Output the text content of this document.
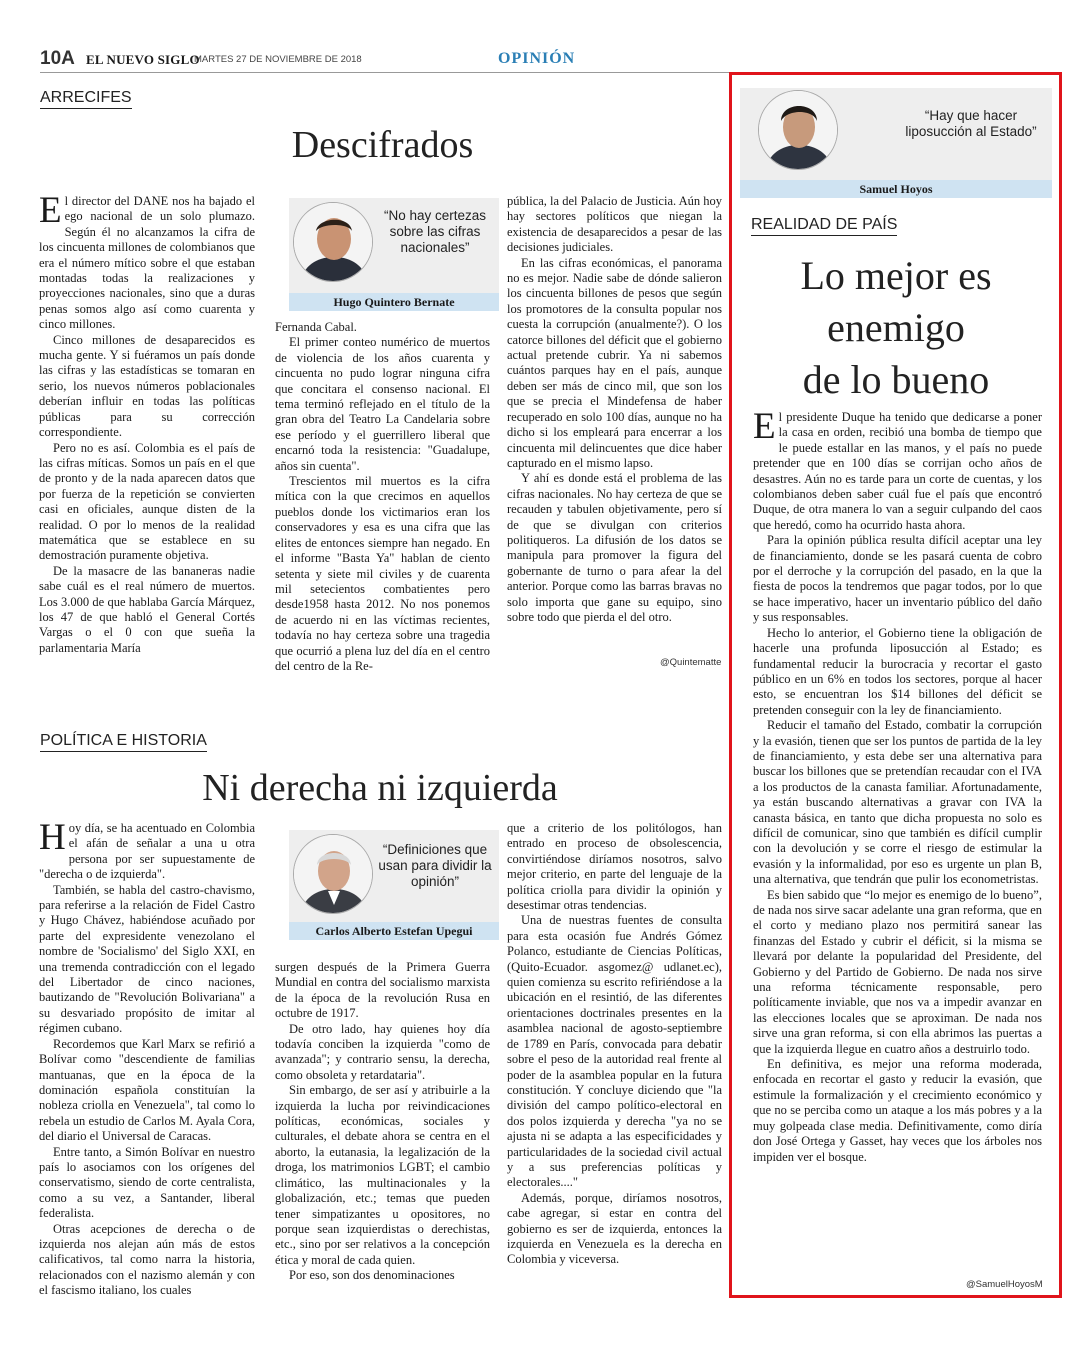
10A EL NUEVO SIGLO
MARTES 27 DE NOVIEMBRE DE 2018	OPINIÓN
ARRECIFES
Descifrados

El director del DANE nos ha bajado el ego nacional de un solo plumazo. Según él no alcanzamos la cifra de los cincuenta millones de colombianos que era el número mítico sobre el que estaban montadas todas la realizaciones y proyecciones nacionales, sino que a duras penas somos algo así como cuarenta y cinco millones.

Cinco millones de desaparecidos es mucha gente. Y si fuéramos un país donde las cifras y las estadísticas se tomaran en serio, los nuevos números poblacionales deberían influir en todas las políticas públicas para su corrección correspondiente.

Pero no es así. Colombia es el país de las cifras míticas. Somos un país en el que de pronto y de la nada aparecen datos que por fuerza de la repetición se convierten casi en oficiales, aunque disten de la realidad. O por lo menos de la realidad matemática que se establece en su demostración puramente objetiva.

De la masacre de las bananeras nadie sabe cuál es el real número de muertos. Los 3.000 de que hablaba García Márquez, los 47 de que habló el General Cortés Vargas o el 0 con que sueña la parlamentaria María

“No hay certezas sobre las cifras nacionales”
Hugo Quintero Bernate

Fernanda Cabal.

El primer conteo numérico de muertos de violencia de los años cuarenta y cincuenta no pudo lograr ninguna cifra que concitara el consenso nacional. El tema terminó reflejado en el título de la gran obra del Teatro La Candelaria sobre ese período y el guerrillero liberal que encarnó toda la resistencia: "Guadalupe, años sin cuenta".

Trescientos mil muertos es la cifra mítica con la que crecimos en aquellos pueblos donde los victimarios eran los conservadores y esa es una cifra que las elites de entonces siempre han negado. En el informe "Basta Ya" hablan de ciento setenta y siete mil civiles y de cuarenta mil setecientos combatientes pero desde1958 hasta 2012. No nos ponemos de acuerdo ni en las víctimas recientes, todavía no hay certeza sobre una tragedia que ocurrió a plena luz del día en el centro del centro de la Re-

pública, la del Palacio de Justicia. Aún hoy hay sectores políticos que niegan la existencia de desaparecidos a pesar de las decisiones judiciales.

En las cifras económicas, el panorama no es mejor. Nadie sabe de dónde salieron los cincuenta billones de pesos que según los promotores de la consulta popular nos cuesta la corrupción (anualmente?). O los catorce billones del déficit que el gobierno actual pretende cubrir. Ya ni sabemos cuántos parques hay en el país, aunque deben ser más de cinco mil, que son los que se precia el Mindefensa de haber recuperado en solo 100 días, aunque no ha dicho si los empleará para encerrar a los cincuenta mil delincuentes que dice haber capturado en el mismo lapso.

Y ahí es donde está el problema de las cifras nacionales. No hay certeza de que se recauden y tabulen objetivamente, pero sí de que se divulgan con criterios politiqueros. La difusión de los datos se manipula para promover la figura del gobernante de turno o para afear la del anterior. Porque como las barras bravas no solo importa que gane su equipo, sino sobre todo que pierda el del otro.

@Quintematte
POLÍTICA E HISTORIA
Ni derecha ni izquierda

Hoy día, se ha acentuado en Colombia el afán de señalar a una u otra persona por ser supuestamente de "derecha o de izquierda".

También, se habla del castro-chavismo, para referirse a la relación de Fidel Castro y Hugo Chávez, habiéndose acuñado por parte del expresidente venezolano el nombre de 'Socialismo' del Siglo XXI, en una tremenda contradicción con el legado del Libertador de cinco naciones, bautizando de "Revolución Bolivariana" a su desvariado propósito de imitar al régimen cubano.

Recordemos que Karl Marx se refirió a Bolívar como "descendiente de familias mantuanas, que en la época de la dominación española constituían la nobleza criolla en Venezuela", tal como lo rebela un estudio de Carlos M. Ayala Cora, del diario el Universal de Caracas.

Entre tanto, a Simón Bolívar en nuestro país lo asociamos con los orígenes del conservatismo, siendo de corte centralista, como a su vez, a Santander, liberal federalista.

Otras acepciones de derecha o de izquierda nos alejan aún más de estos calificativos, tal como narra la historia, relacionados con el nazismo alemán y con el fascismo italiano, los cuales

“Definiciones que usan para dividir la opinión”
Carlos Alberto Estefan Upegui

surgen después de la Primera Guerra Mundial en contra del socialismo marxista de la época de la revolución Rusa en octubre de 1917.

De otro lado, hay quienes hoy día todavía conciben la izquierda "como de avanzada"; y contrario sensu, la derecha, como obsoleta y retardataria".

Sin embargo, de ser así y atribuirle a la izquierda la lucha por reivindicaciones políticas, económicas, sociales y culturales, el debate ahora se centra en el aborto, la eutanasia, la legalización de la droga, los matrimonios LGBT; el cambio climático, las multinacionales y la globalización, etc.; temas que pueden tener simpatizantes u opositores, no porque sean izquierdistas o derechistas, etc., sino por ser relativos a la concepción ética y moral de cada quien.

Por eso, son dos denominaciones

que a criterio de los politólogos, han entrado en proceso de obsolescencia, convirtiéndose diríamos nosotros, salvo mejor criterio, en parte del lenguaje de la política criolla para dividir la opinión y desestimar otras tendencias.

Una de nuestras fuentes de consulta para esta ocasión fue Andrés Gómez Polanco, estudiante de Ciencias Políticas,(Quito-Ecuador. asgomez@ udlanet.ec), quien comienza su escrito refiriéndose a la ubicación en el resintió, de las diferentes orientaciones doctrinales presentes en la asamblea nacional de agosto-septiembre de 1789 en París, convocada para debatir sobre el peso de la autoridad real frente al poder de la asamblea popular en la futura constitución. Y concluye diciendo que "la división del campo político-electoral en dos polos izquierda y derecha "ya no se ajusta ni se adapta a las especificidades y particularidades de la sociedad civil actual y a sus preferencias políticas y electorales...."

Además, porque, diríamos nosotros, cabe agregar, si estar en contra del gobierno es ser de izquierda, entonces la izquierda en Venezuela es la derecha en Colombia y viceversa.

“Hay que hacer liposucción al Estado”
Samuel Hoyos
REALIDAD DE PAÍS
Lo mejor es
enemigo
de lo bueno

El presidente Duque ha tenido que dedicarse a poner la casa en orden, recibió una bomba de tiempo que le puede estallar en las manos, y el país no puede pretender que en 100 días se corrijan ocho años de desastres. Aún no es tarde para un corte de cuentas, y los colombianos deben saber cuál fue el país que encontró Duque, de otra manera lo van a seguir culpando del caos que heredó, como ha ocurrido hasta ahora.

Para la opinión pública resulta difícil aceptar una ley de financiamiento, donde se les pasará cuenta de cobro por el derroche y la corrupción del pasado, en la que la fiesta de pocos la tendremos que pagar todos, por lo que se hace imperativo, hacer un inventario público del daño y sus responsables.

Hecho lo anterior, el Gobierno tiene la obligación de hacerle una profunda liposucción al Estado; es fundamental reducir la burocracia y recortar el gasto público en un 6% en todos los sectores, porque al hacer esto, se encuentran los $14 billones del déficit se pretenden conseguir con la ley de financiamiento.

Reducir el tamaño del Estado, combatir la corrupción y la evasión, tienen que ser los puntos de partida de la ley de financiamiento, y esta debe ser una alternativa para buscar los billones que se pretendían recaudar con el IVA a los productos de la canasta familiar. Afortunadamente, ya están buscando alternativas a gravar con IVA la canasta básica, en tanto que dicha propuesta no solo es difícil de comunicar, sino que también es difícil cumplir con la devolución y se corre el riesgo de estimular la evasión y la informalidad, por eso es urgente un plan B, una alternativa, que tendrán que pulir los econometristas.

Es bien sabido que “lo mejor es enemigo de lo bueno”, de nada nos sirve sacar adelante una gran reforma, que en el corto y mediano plazo nos permitirá sanear las finanzas del Estado y cubrir el déficit, si la misma se llevará por delante la popularidad del Presidente, del Gobierno y del Partido de Gobierno. De nada nos sirve una reforma técnicamente responsable, pero políticamente inviable, que nos va a impedir avanzar en las elecciones locales que se aproximan. De nada nos sirve una gran reforma, si con ella abrimos las puertas a que la izquierda llegue en cuatro años a destruirlo todo.

En definitiva, es mejor una reforma moderada, enfocada en recortar el gasto y reducir la evasión, que estimule la formalización y el crecimiento económico y que no se perciba como un ataque a los más pobres y a la muy golpeada clase media. Definitivamente, como diría don José Ortega y Gasset, hay veces que los árboles nos impiden ver el bosque.

@SamuelHoyosM
